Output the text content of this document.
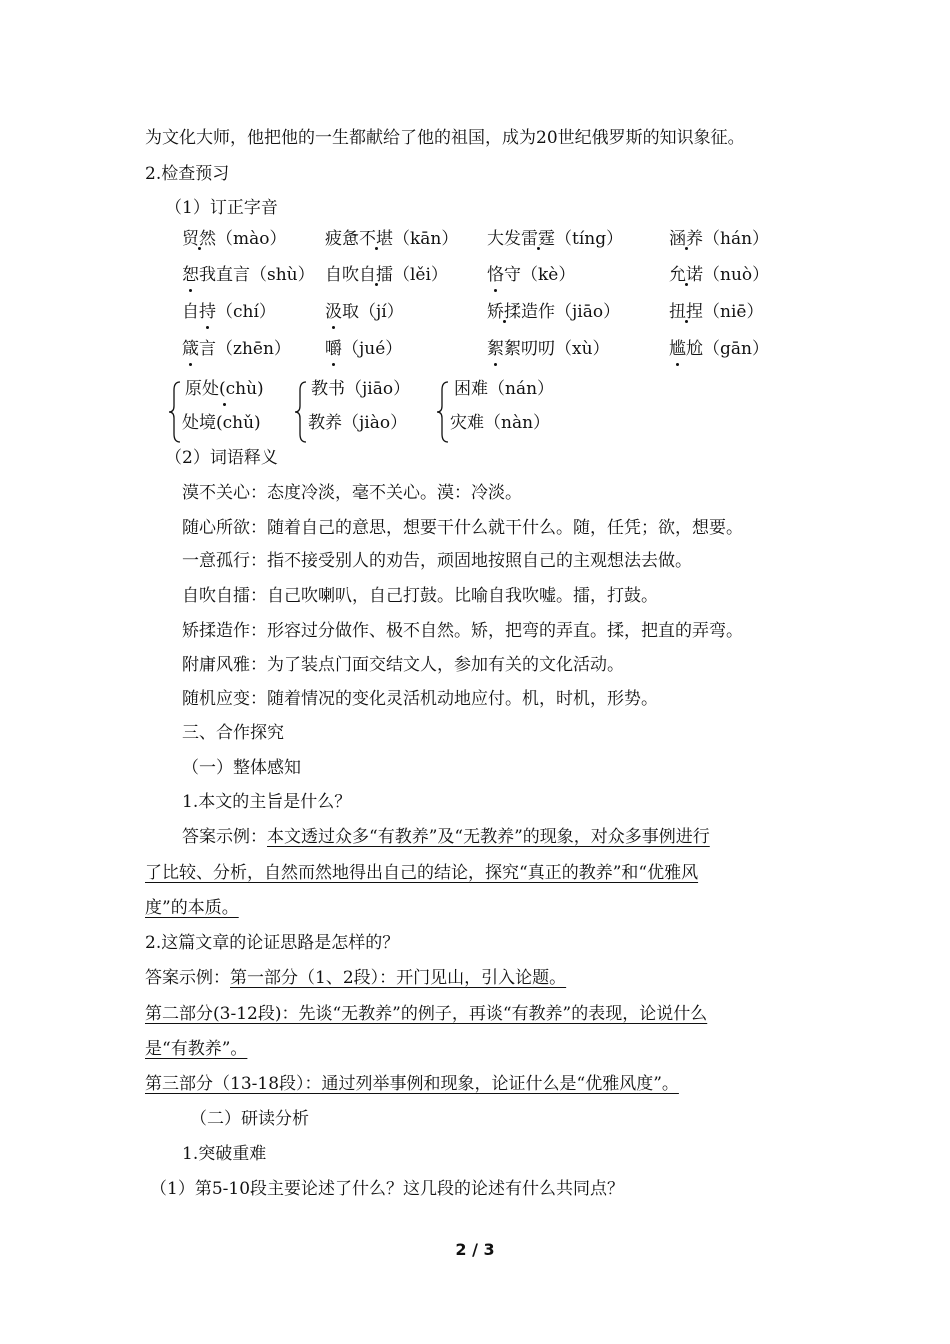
为文化大师，他把他的一生都献给了他的祖国，成为20世纪俄罗斯的知识象征。
2.检查预习
（1）订正字音
贸然（mào） 疲惫不堪（kān） 大发雷霆（tíng）	涵养（hán）
恕我直言（shù） 自吹自擂（lěi） 恪守（kè）	允诺（nuò）
自持（chí）	汲取（jí）	矫揉造作（jiāo）	扭捏（niē）
箴言（zhēn） 嚼（jué）	絮絮叨叨（xù）	尴尬（gān）
原处(chù)
处境(chǔ)
教书（jiāo）
教养（jiào）
困难（nán）
灾难（nàn）
（2）词语释义
漠不关心：态度冷淡，毫不关心。漠：冷淡。
随心所欲：随着自己的意思，想要干什么就干什么。随，任凭；欲，想要。
一意孤行：指不接受别人的劝告，顽固地按照自己的主观想法去做。
自吹自擂：自己吹喇叭，自己打鼓。比喻自我吹嘘。擂，打鼓。
矫揉造作：形容过分做作、极不自然。矫，把弯的弄直。揉，把直的弄弯。
附庸风雅：为了装点门面交结文人，参加有关的文化活动。
随机应变：随着情况的变化灵活机动地应付。机，时机，形势。
三、合作探究
（一）整体感知
1.本文的主旨是什么？
答案示例：本文透过众多“有教养”及“无教养”的现象，对众多事例进行
了比较、分析，自然而然地得出自己的结论，探究“真正的教养”和“优雅风
度”的本质。
2.这篇文章的论证思路是怎样的？
答案示例：第一部分（1、2段）：开门见山，引入论题。
第二部分(3-12段)：先谈“无教养”的例子，再谈“有教养”的表现，论说什么
是“有教养”。
第三部分（13-18段）：通过列举事例和现象，论证什么是“优雅风度”。
（二）研读分析
1.突破重难
（1）第5-10段主要论述了什么？这几段的论述有什么共同点？
2 / 3
